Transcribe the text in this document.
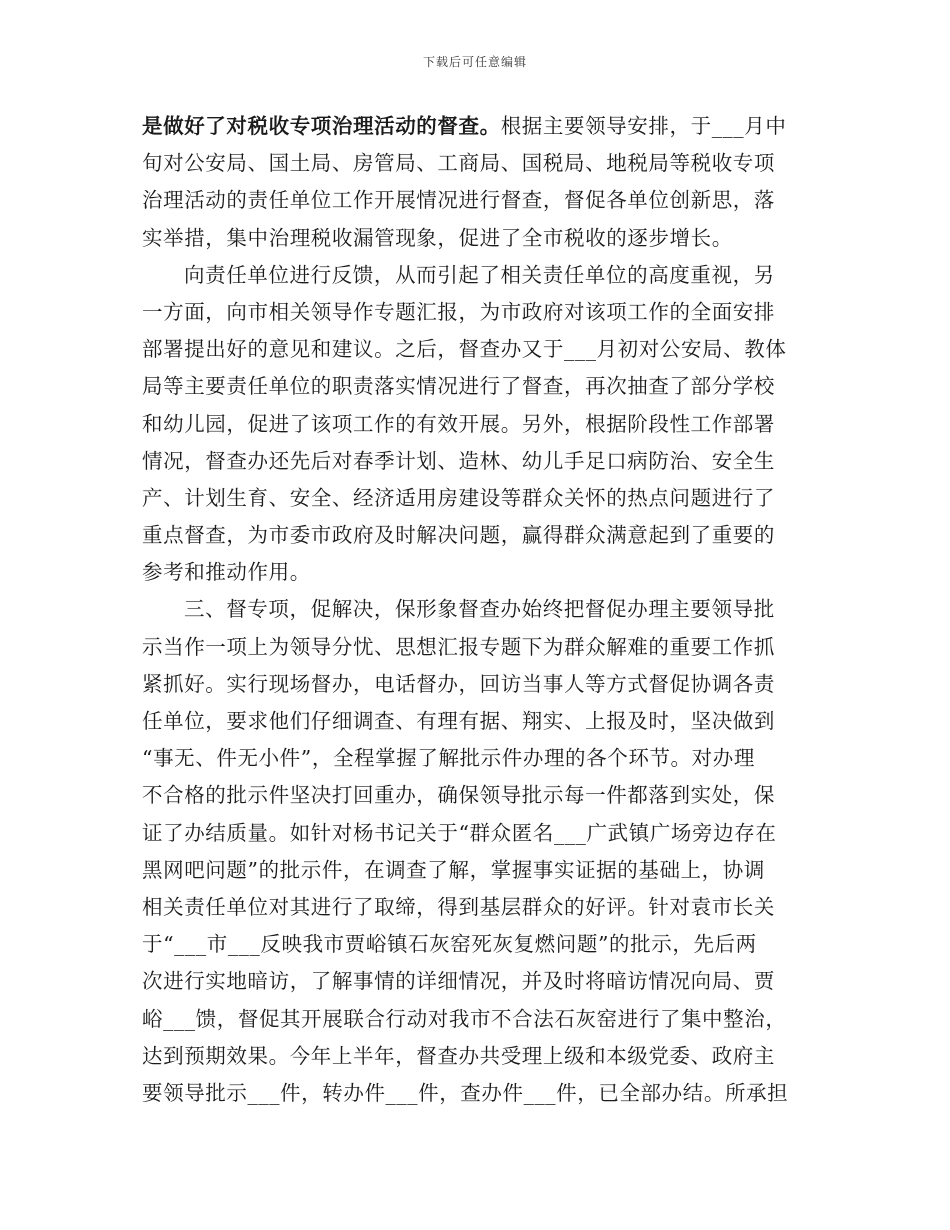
下载后可任意编辑
是做好了对税收专项治理活动的督查。根据主要领导安排，于___月中
旬对公安局、国土局、房管局、工商局、国税局、地税局等税收专项
治理活动的责任单位工作开展情况进行督查，督促各单位创新思，落
实举措，集中治理税收漏管现象，促进了全市税收的逐步增长。
向责任单位进行反馈，从而引起了相关责任单位的高度重视，另
一方面，向市相关领导作专题汇报，为市政府对该项工作的全面安排
部署提出好的意见和建议。之后，督查办又于___月初对公安局、教体
局等主要责任单位的职责落实情况进行了督查，再次抽查了部分学校
和幼儿园，促进了该项工作的有效开展。另外，根据阶段性工作部署
情况，督查办还先后对春季计划、造林、幼儿手足口病防治、安全生
产、计划生育、安全、经济适用房建设等群众关怀的热点问题进行了
重点督查，为市委市政府及时解决问题，赢得群众满意起到了重要的
参考和推动作用。
三、督专项，促解决，保形象督查办始终把督促办理主要领导批
示当作一项上为领导分忧、思想汇报专题下为群众解难的重要工作抓
紧抓好。实行现场督办，电话督办，回访当事人等方式督促协调各责
任单位，要求他们仔细调查、有理有据、翔实、上报及时，坚决做到
“事无、件无小件”，全程掌握了解批示件办理的各个环节。对办理
不合格的批示件坚决打回重办，确保领导批示每一件都落到实处，保
证了办结质量。如针对杨书记关于“群众匿名___广武镇广场旁边存在
黑网吧问题”的批示件，在调查了解，掌握事实证据的基础上，协调
相关责任单位对其进行了取缔，得到基层群众的好评。针对袁市长关
于“___市___反映我市贾峪镇石灰窑死灰复燃问题”的批示，先后两
次进行实地暗访，了解事情的详细情况，并及时将暗访情况向局、贾
峪___馈，督促其开展联合行动对我市不合法石灰窑进行了集中整治，
达到预期效果。今年上半年，督查办共受理上级和本级党委、政府主
要领导批示___件，转办件___件，查办件___件，已全部办结。所承担
